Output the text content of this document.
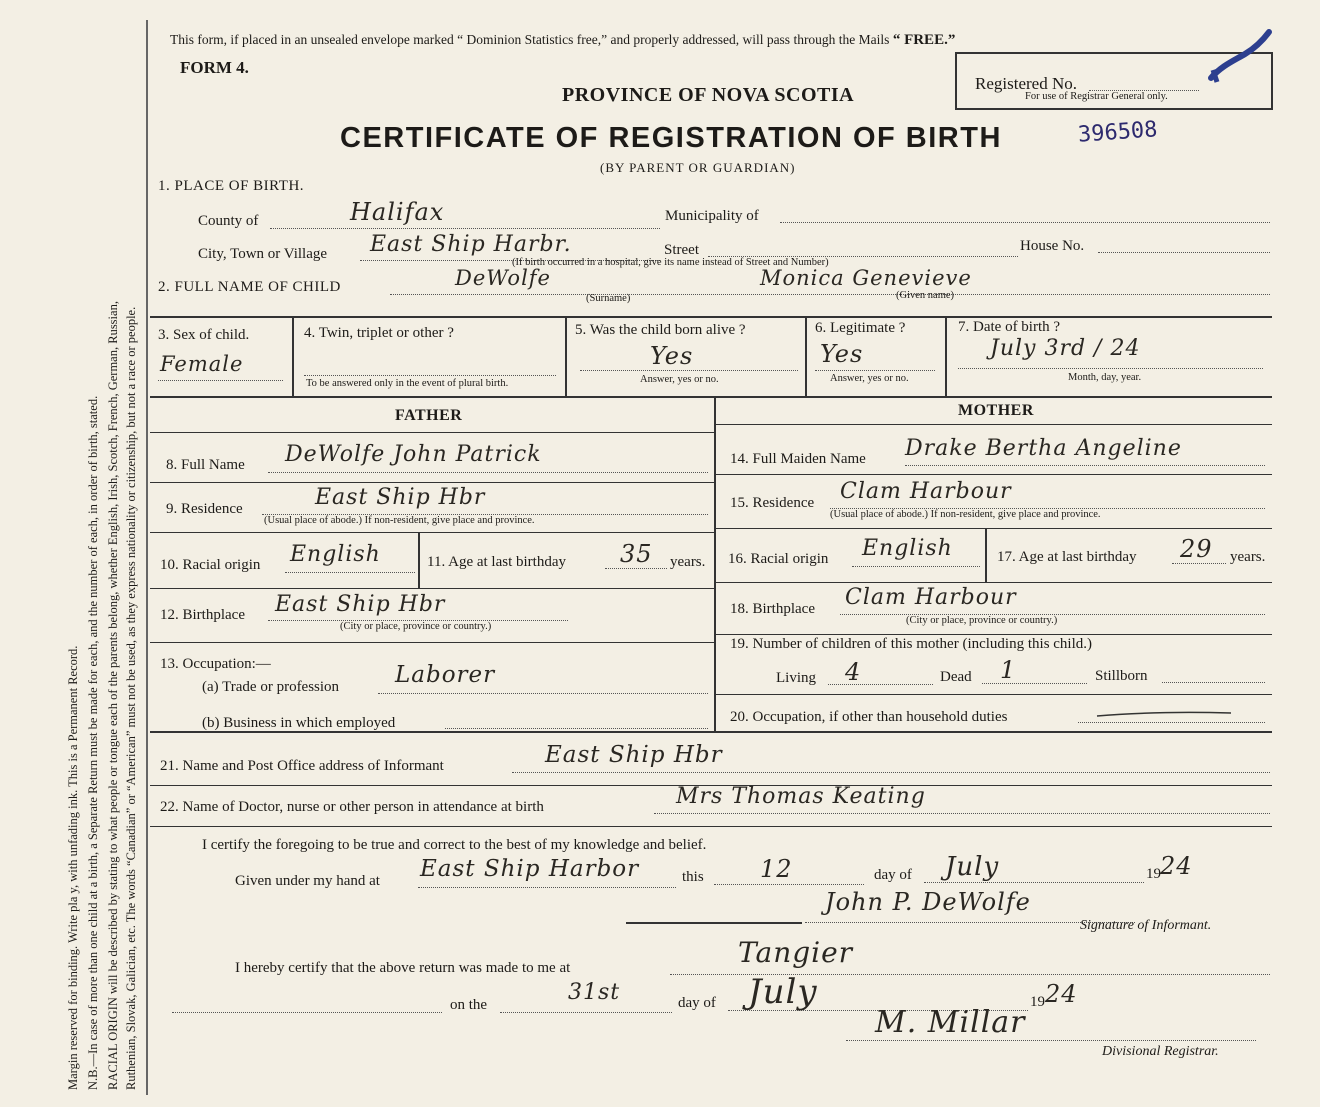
Margin reserved for binding. Write pla y, with unfading ink. This is a Permanent Record. N.B.—In case of more than one child at a birth, a Separate Return must be made for each, and the number of each, in order of birth, stated. RACIAL ORIGIN will be described by stating to what people or tongue each of the parents belong, whether English, Irish, Scotch, French, German, Russian, Ruthenian, Slovak, Galician, etc. The words “Canadian” or “American” must not be used, as they express nationality or citizenship, but not a race or people.
This form, if placed in an unsealed envelope marked “ Dominion Statistics free,” and properly addressed, will pass through the Mails “ FREE.”
FORM 4.
PROVINCE OF NOVA SCOTIA
CERTIFICATE OF REGISTRATION OF BIRTH
(BY PARENT OR GUARDIAN)
396508
Registered No.
For use of Registrar General only.
1. PLACE OF BIRTH.
County of	Halifax	Municipality of
City, Town or Village East Ship Harbr.	Street	House No.
(If birth occurred in a hospital, give its name instead of Street and Number)
2. FULL NAME OF CHILD	DeWolfe	Monica Genevieve
(Surname)	(Given name)
3. Sex of child.
Female
4. Twin, triplet or other ?
To be answered only in the event of plural birth.
5. Was the child born alive ?
Yes
Answer, yes or no.
6. Legitimate ?
Yes
Answer, yes or no.
7. Date of birth ?
July 3rd / 24
Month, day, year.
FATHER	MOTHER
8. Full Name DeWolfe John Patrick
9. Residence	East Ship Hbr
(Usual place of abode.) If non-resident, give place and province.
10. Racial origin English	11. Age at last birthday 35 years.
12. Birthplace East Ship Hbr
(City or place, province or country.)
13. Occupation:—
(a) Trade or profession Laborer
(b) Business in which employed
14. Full Maiden Name Drake Bertha Angeline
15. Residence Clam Harbour
(Usual place of abode.) If non-resident, give place and province.
16. Racial origin English	17. Age at last birthday 29 years.
18. Birthplace Clam Harbour
(City or place, province or country.)
19. Number of children of this mother (including this child.)
Living 4	Dead 1	Stillborn
20. Occupation, if other than household duties
21. Name and Post Office address of Informant	East Ship Hbr
22. Name of Doctor, nurse or other person in attendance at birth	Mrs Thomas Keating
I certify the foregoing to be true and correct to the best of my knowledge and belief.
Given under my hand at East Ship Harbor	this 12	day of July	19 24
John P. DeWolfe
Signature of Informant.
I hereby certify that the above return was made to me at	Tangier
on the	31st	day of July	19 24
M. Millar
Divisional Registrar.
